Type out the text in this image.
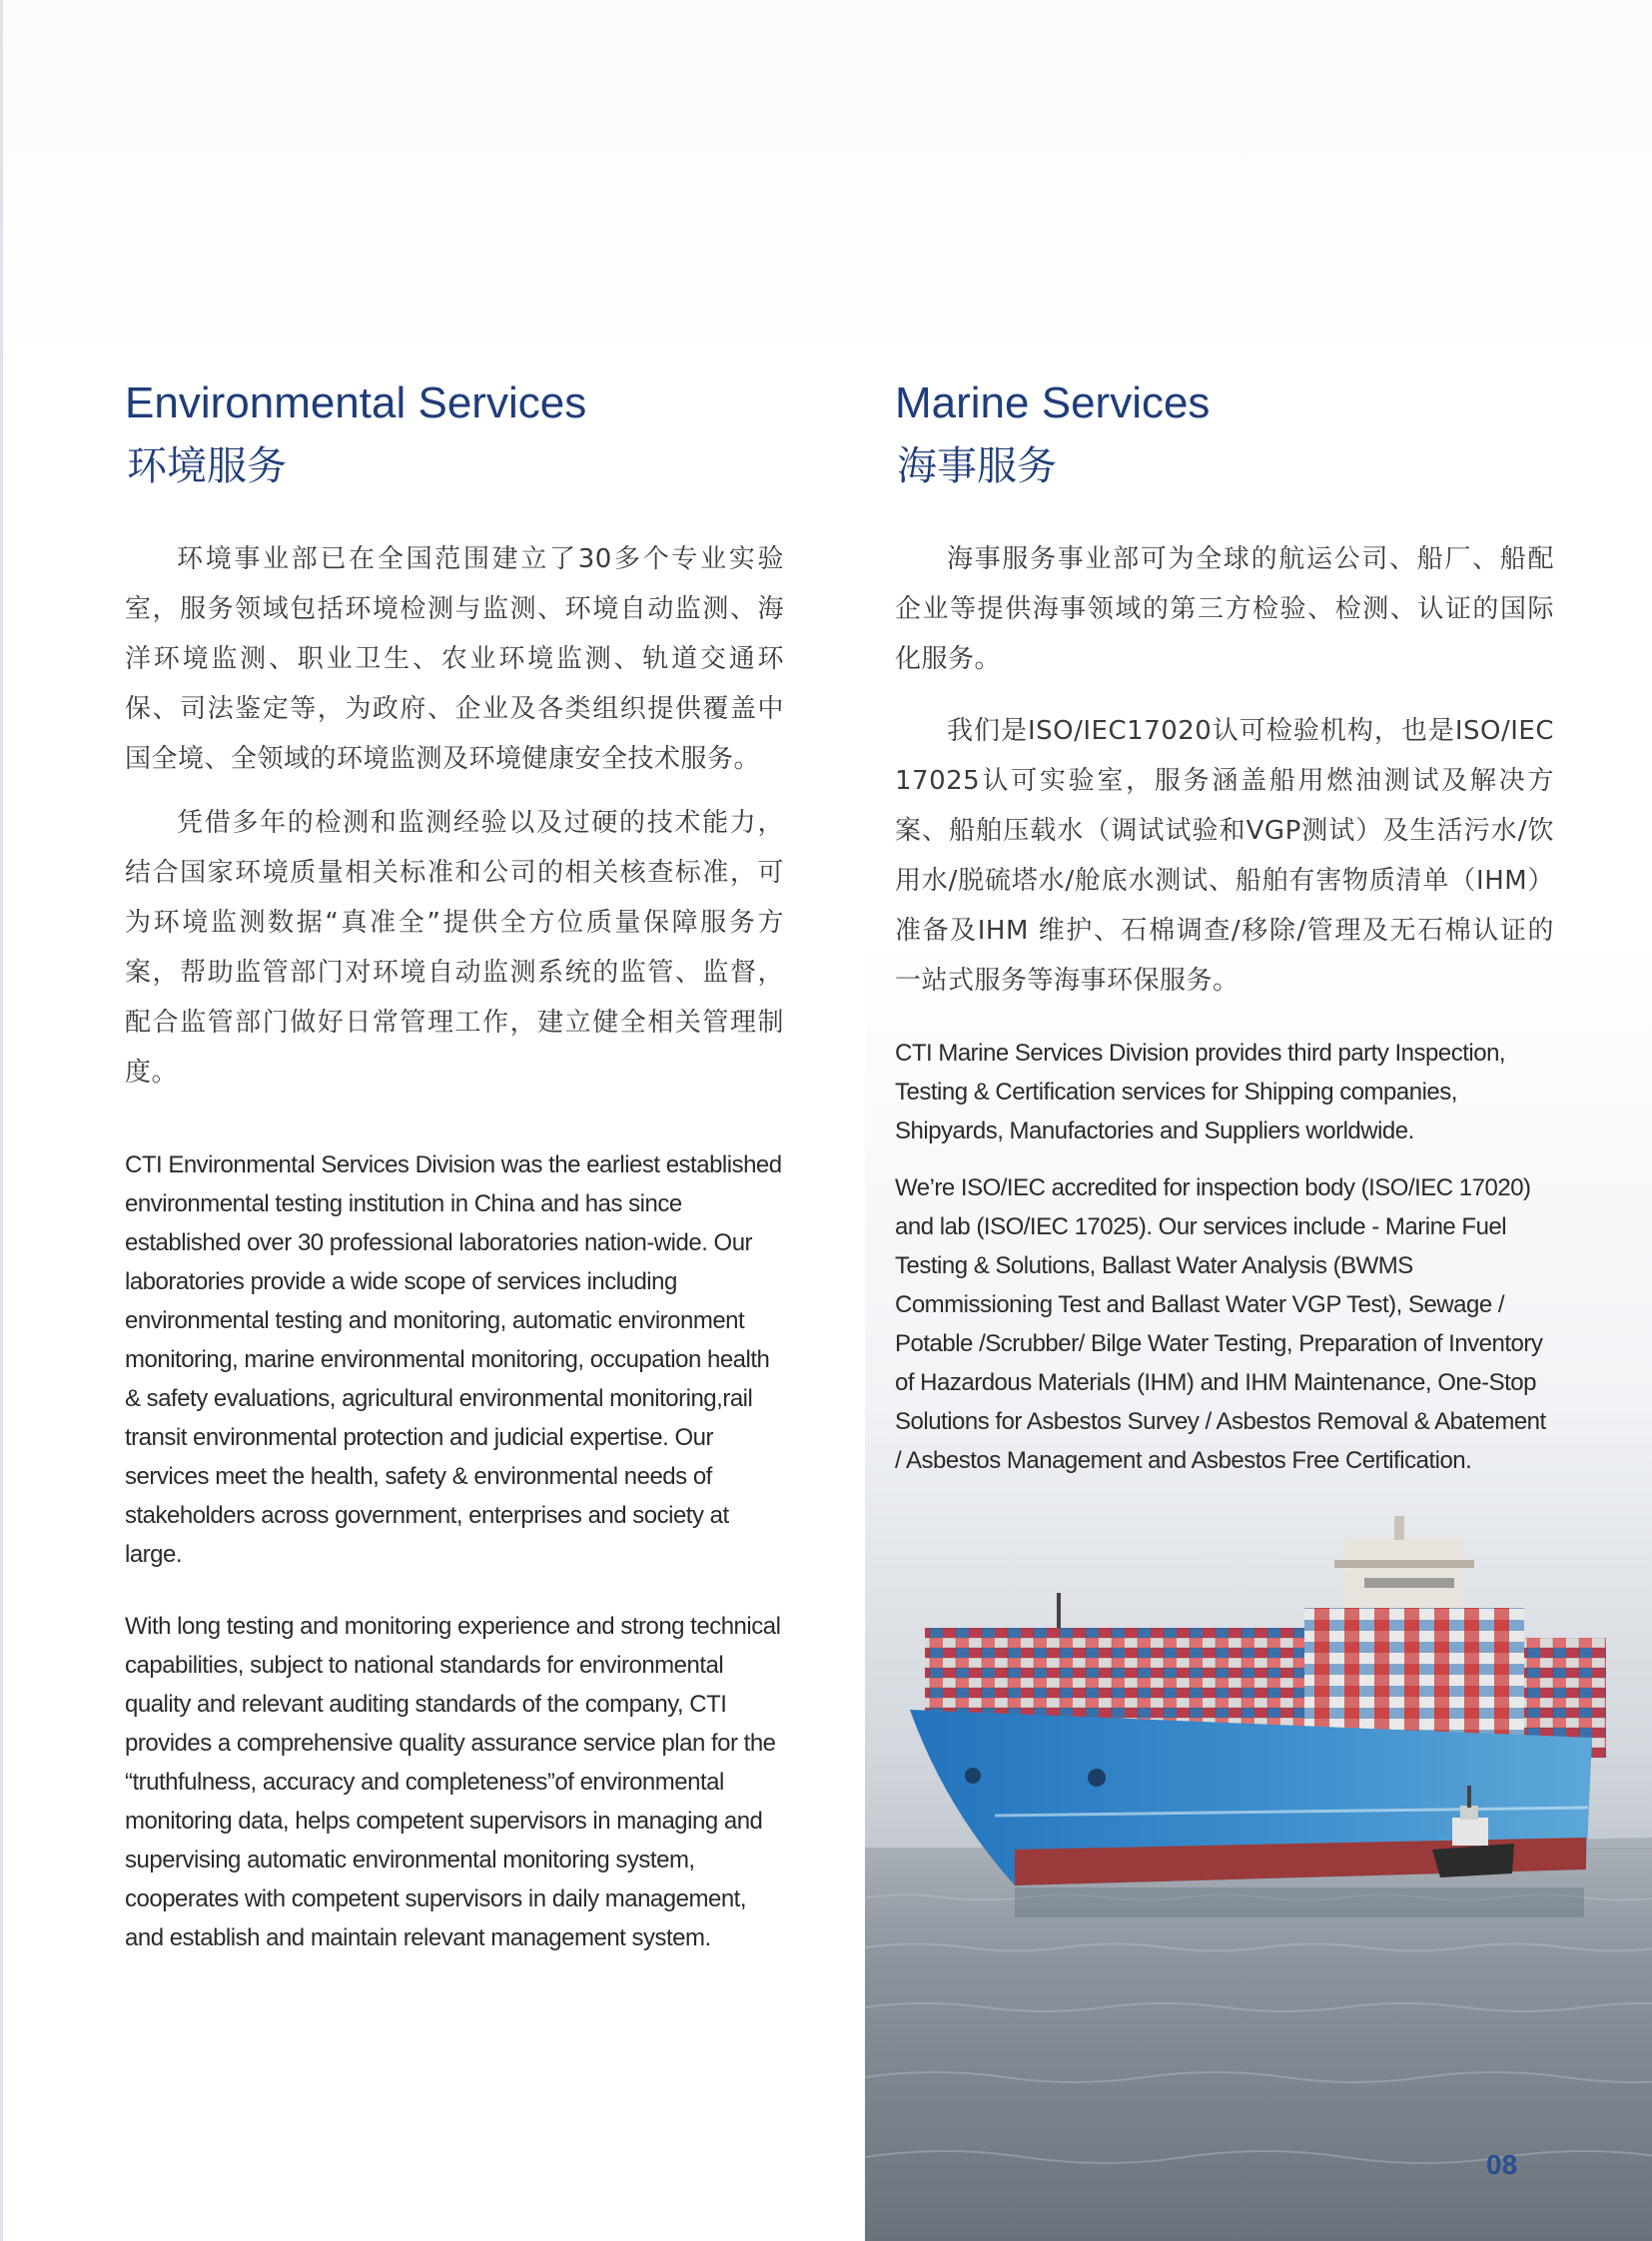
Environmental Services
环境服务

环境事业部已在全国范围建立了30多个专业实验室，服务领域包括环境检测与监测、环境自动监测、海洋环境监测、职业卫生、农业环境监测、轨道交通环保、司法鉴定等，为政府、企业及各类组织提供覆盖中国全境、全领域的环境监测及环境健康安全技术服务。

凭借多年的检测和监测经验以及过硬的技术能力，结合国家环境质量相关标准和公司的相关核查标准，可为环境监测数据“真准全”提供全方位质量保障服务方案，帮助监管部门对环境自动监测系统的监管、监督，配合监管部门做好日常管理工作，建立健全相关管理制度。

CTI Environmental Services Division was the earliest established environmental testing institution in China and has since established over 30 professional laboratories nation-wide. Our laboratories provide a wide scope of services including environmental testing and monitoring, automatic environment monitoring, marine environmental monitoring, occupation health & safety evaluations, agricultural environmental monitoring,rail transit environmental protection and judicial expertise. Our services meet the health, safety & environmental needs of stakeholders across government, enterprises and society at large.

With long testing and monitoring experience and strong technical capabilities, subject to national standards for environmental quality and relevant auditing standards of the company, CTI provides a comprehensive quality assurance service plan for the “truthfulness, accuracy and completeness”of environmental monitoring data, helps competent supervisors in managing and supervising automatic environmental monitoring system, cooperates with competent supervisors in daily management, and establish and maintain relevant management system.

Marine Services
海事服务

海事服务事业部可为全球的航运公司、船厂、船配企业等提供海事领域的第三方检验、检测、认证的国际化服务。

我们是ISO/IEC17020认可检验机构，也是ISO/IEC 17025认可实验室，服务涵盖船用燃油测试及解决方案、船舶压载水（调试试验和VGP测试）及生活污水/饮用水/脱硫塔水/舱底水测试、船舶有害物质清单（IHM）准备及IHM 维护、石棉调查/移除/管理及无石棉认证的一站式服务等海事环保服务。

CTI Marine Services Division provides third party Inspection, Testing & Certification services for Shipping companies, Shipyards, Manufactories and Suppliers worldwide.

We’re ISO/IEC accredited for inspection body (ISO/IEC 17020) and lab (ISO/IEC 17025). Our services include - Marine Fuel Testing & Solutions, Ballast Water Analysis (BWMS Commissioning Test and Ballast Water VGP Test), Sewage / Potable /Scrubber/ Bilge Water Testing, Preparation of Inventory of Hazardous Materials (IHM) and IHM Maintenance, One-Stop Solutions for Asbestos Survey / Asbestos Removal & Abatement / Asbestos Management and Asbestos Free Certification.

08
